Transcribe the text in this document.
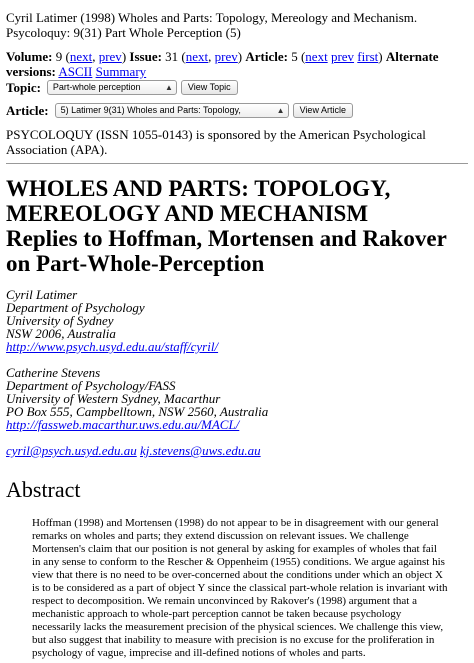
Cyril Latimer (1998) Wholes and Parts: Topology, Mereology and Mechanism. Psycoloquy: 9(31) Part Whole Perception (5)

Volume: 9 (next, prev) Issue: 31 (next, prev) Article: 5 (next prev first) Alternate versions: ASCII Summary
Topic: Part-whole perception	▲︎	View Topic
Article: 5) Latimer 9(31) Wholes and Parts: Topology,	▲︎	View Article
PSYCOLOQUY (ISSN 1055-0143) is sponsored by the American Psychological Association (APA).
WHOLES AND PARTS: TOPOLOGY,
MEREOLOGY AND MECHANISM
Replies to Hoffman, Mortensen and Rakover
on Part-Whole-Perception
Cyril Latimer
Department of Psychology
University of Sydney
NSW 2006, Australia
http://www.psych.usyd.edu.au/staff/cyril/
Catherine Stevens
Department of Psychology/FASS
University of Western Sydney, Macarthur
PO Box 555, Campbelltown, NSW 2560, Australia
http://fassweb.macarthur.uws.edu.au/MACL/
cyril@psych.usyd.edu.au kj.stevens@uws.edu.au
Abstract
Hoffman (1998) and Mortensen (1998) do not appear to be in disagreement with our general remarks on wholes and parts; they extend discussion on relevant issues. We challenge Mortensen's claim that our position is not general by asking for examples of wholes that fail in any sense to conform to the Rescher & Oppenheim (1955) conditions. We argue against his view that there is no need to be over-concerned about the conditions under which an object X is to be considered as a part of object Y since the classical part-whole relation is invariant with respect to decomposition. We remain unconvinced by Rakover's (1998) argument that a mechanistic approach to whole-part perception cannot be taken because psychology necessarily lacks the measurement precision of the physical sciences. We challenge this view, but also suggest that inability to measure with precision is no excuse for the proliferation in psychology of vague, imprecise and ill-defined notions of wholes and parts.
